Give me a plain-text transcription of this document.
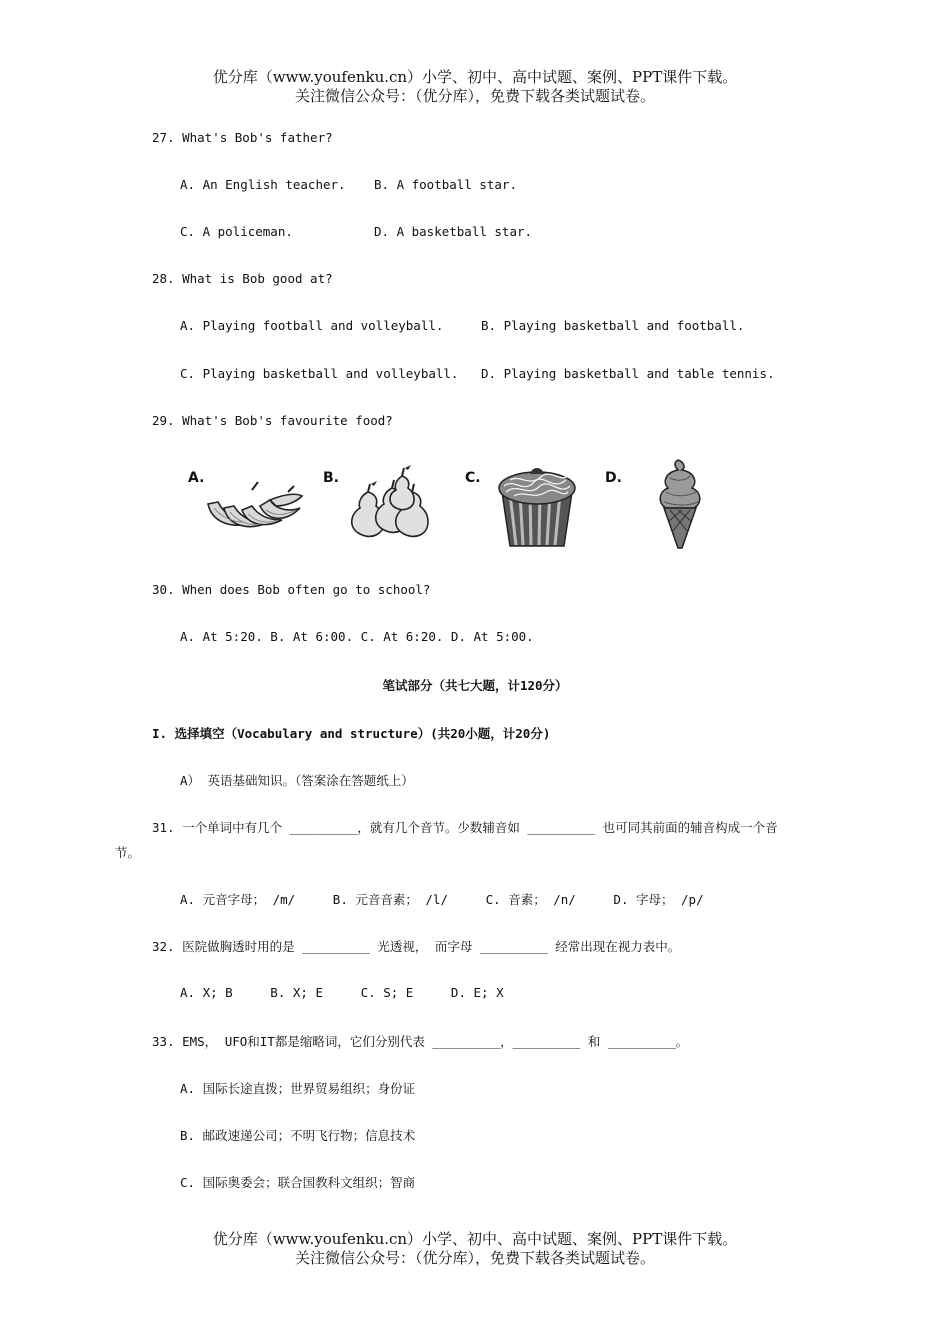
优分库（www.youfenku.cn）小学、初中、高中试题、案例、PPT课件下载。
关注微信公众号：（优分库），免费下载各类试题试卷。
27. What's Bob's father?
A. An English teacher. B. A football star.
C. A policeman.	D. A basketball star.
28. What is Bob good at?
A. Playing football and volleyball.	B. Playing basketball and football.
C. Playing basketball and volleyball. D. Playing basketball and table tennis.
29. What's Bob's favourite food?
A.	B.	C.	D.
30. When does Bob often go to school?
A. At 5:20. B. At 6:00. C. At 6:20. D. At 5:00.
笔试部分（共七大题，计120分）
I. 选择填空（Vocabulary and structure）(共20小题，计20分)
A） 英语基础知识。（答案涂在答题纸上）
31. 一个单词中有几个 _________，就有几个音节。少数辅音如 _________ 也可同其前面的辅音构成一个音
节。
A. 元音字母； /m/     B. 元音音素； /l/     C. 音素； /n/     D. 字母； /p/
32. 医院做胸透时用的是 _________ 光透视， 而字母 _________ 经常出现在视力表中。
A. X; B     B. X; E     C. S; E     D. E; X
33. EMS， UFO和IT都是缩略词，它们分别代表 _________，_________ 和 _________。
A. 国际长途直拨；世界贸易组织；身份证
B. 邮政速递公司；不明飞行物；信息技术
C. 国际奥委会；联合国教科文组织；智商
优分库（www.youfenku.cn）小学、初中、高中试题、案例、PPT课件下载。
关注微信公众号：（优分库），免费下载各类试题试卷。
